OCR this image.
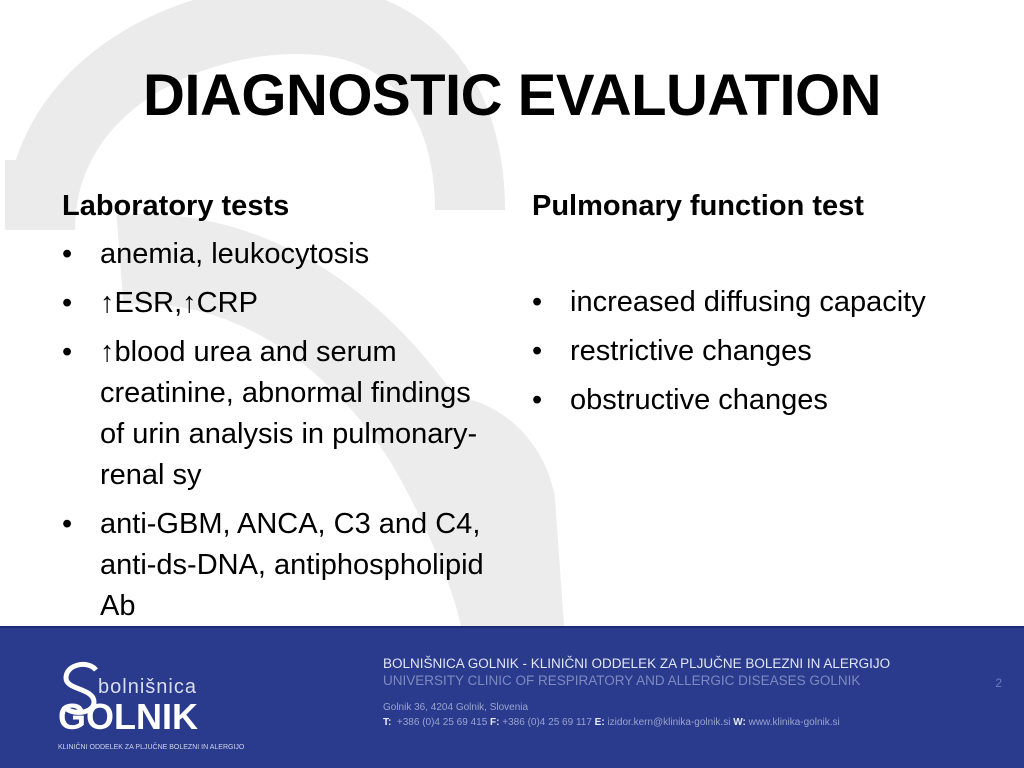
DIAGNOSTIC EVALUATION
Laboratory tests
• anemia, leukocytosis
• ↑ESR,↑CRP
• ↑blood urea and serum creatinine, abnormal findings of urin analysis in pulmonary-renal sy
• anti-GBM, ANCA, C3 and C4, anti-ds-DNA, antiphospholipid Ab
Pulmonary function test
• increased diffusing capacity
• restrictive changes
• obstructive changes
bolnišnica
GOLNIK
KLINIČNI ODDELEK ZA PLJUČNE BOLEZNI IN ALERGIJO
BOLNIŠNICA GOLNIK - KLINIČNI ODDELEK ZA PLJUČNE BOLEZNI IN ALERGIJO
UNIVERSITY CLINIC OF RESPIRATORY AND ALLERGIC DISEASES GOLNIK
Golnik 36, 4204 Golnik, Slovenia
T: +386 (0)4 25 69 415 F: +386 (0)4 25 69 117 E: izidor.kern@klinika-golnik.si W: www.klinika-golnik.si
2
